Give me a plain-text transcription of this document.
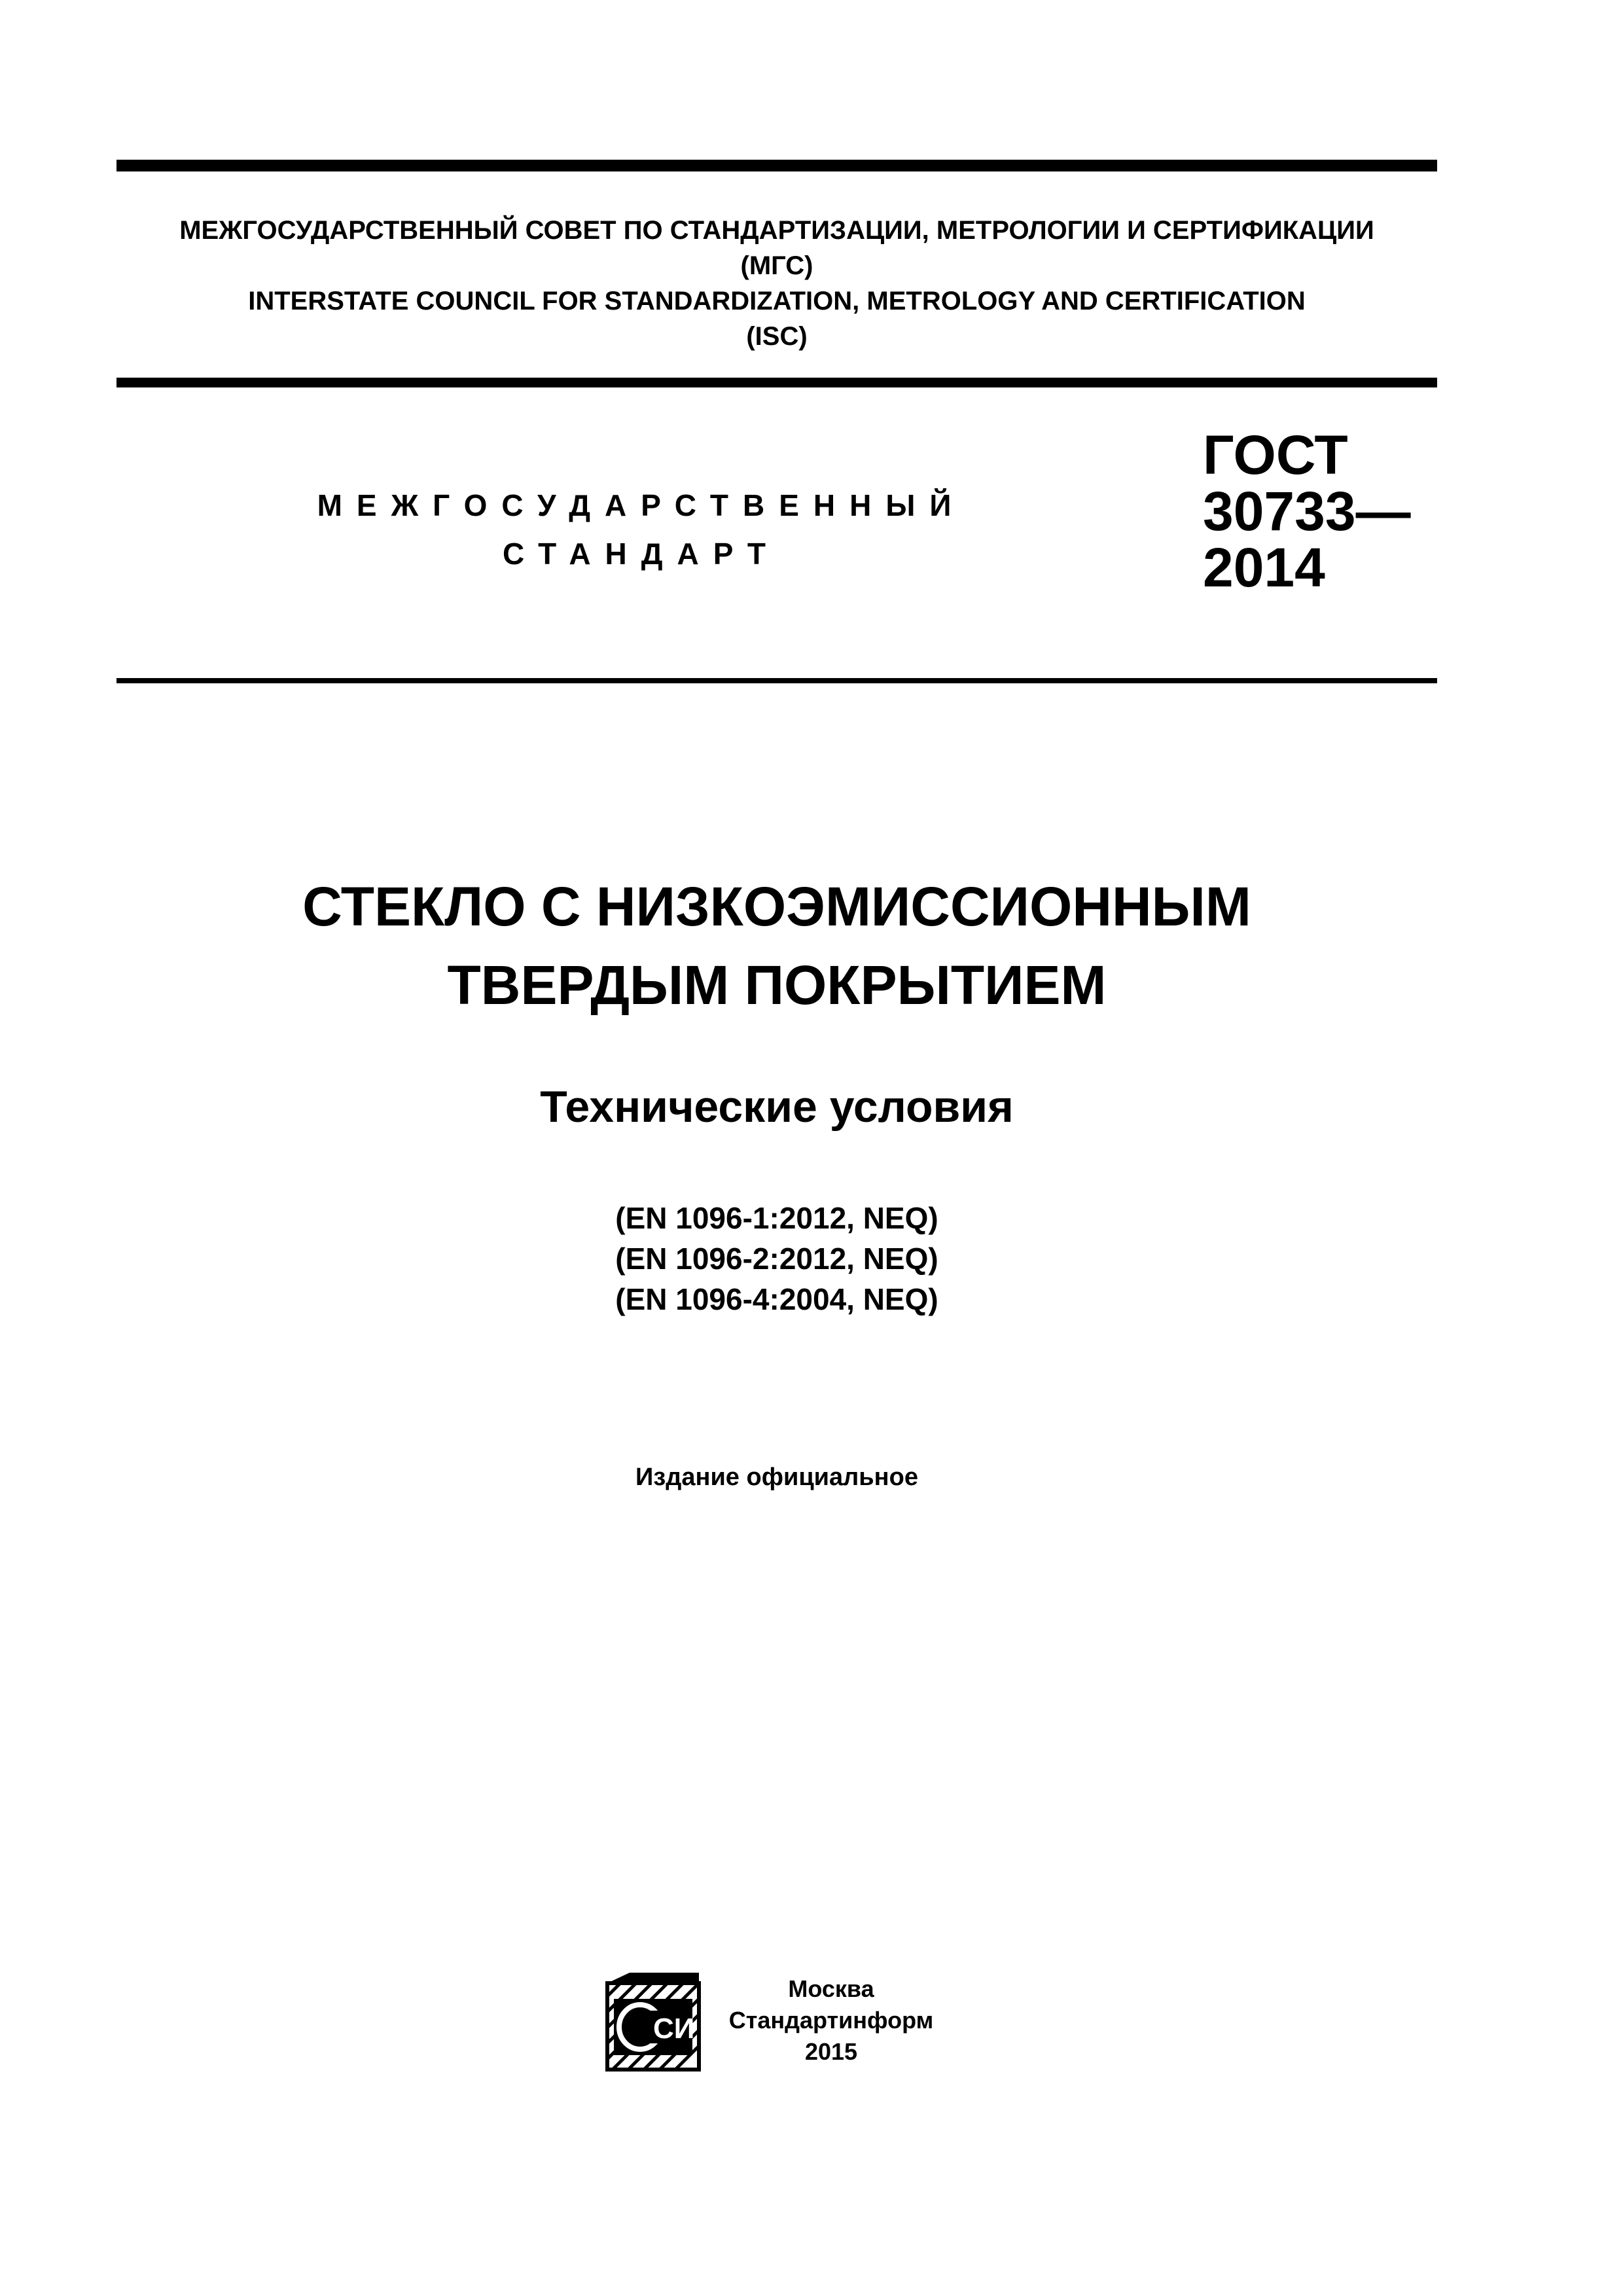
МЕЖГОСУДАРСТВЕННЫЙ СОВЕТ ПО СТАНДАРТИЗАЦИИ, МЕТРОЛОГИИ И СЕРТИФИКАЦИИ
(МГС)
INTERSTATE COUNCIL FOR STANDARDIZATION, METROLOGY AND CERTIFICATION
(ISC)
МЕЖГОСУДАРСТВЕННЫЙ
СТАНДАРТ
ГОСТ
30733—
2014
СТЕКЛО С НИЗКОЭМИССИОННЫМ
ТВЕРДЫМ ПОКРЫТИЕМ
Технические условия
(EN 1096-1:2012, NEQ)
(EN 1096-2:2012, NEQ)
(EN 1096-4:2004, NEQ)
Издание официальное
СИ
Москва
Стандартинформ
2015
